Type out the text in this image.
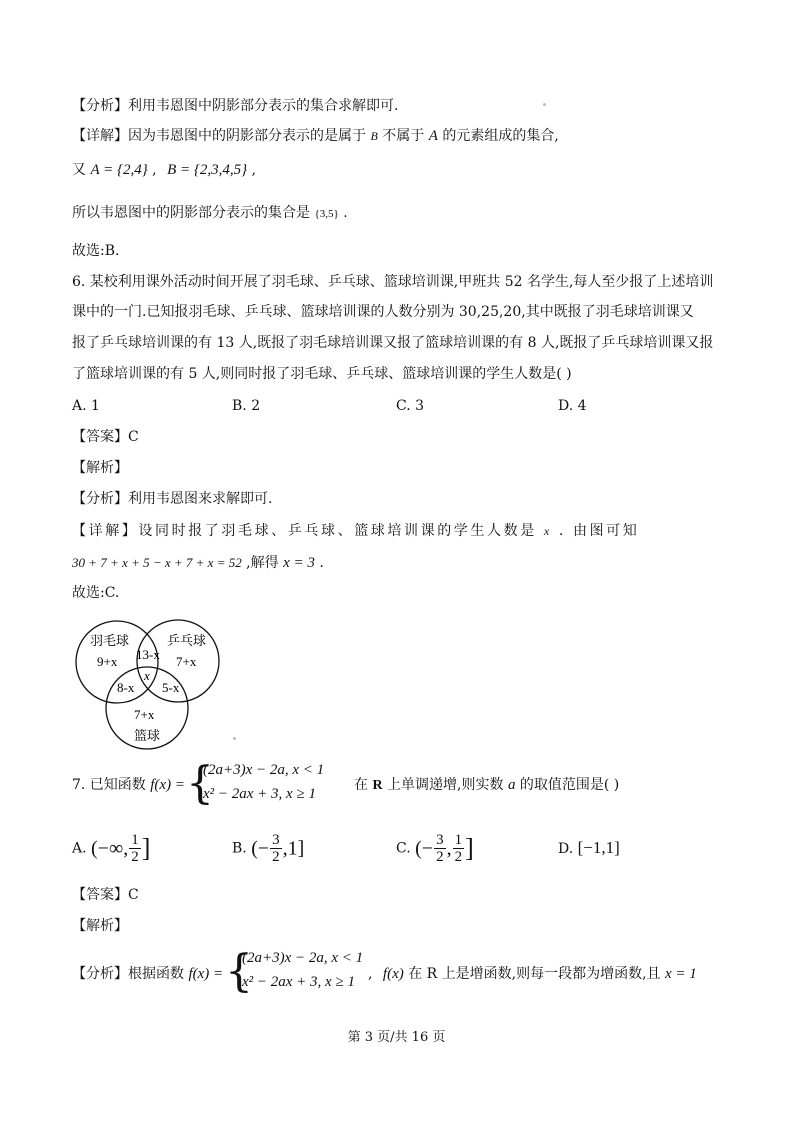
【分析】利用韦恩图中阴影部分表示的集合求解即可.
【详解】因为韦恩图中的阴影部分表示的是属于 B 不属于 A 的元素组成的集合,
又 A = {2,4} , B = {2,3,4,5} ,
所以韦恩图中的阴影部分表示的集合是 {3,5} .
故选:B.
6. 某校利用课外活动时间开展了羽毛球、乒乓球、篮球培训课,甲班共 52 名学生,每人至少报了上述培训
课中的一门.已知报羽毛球、乒乓球、篮球培训课的人数分别为 30,25,20,其中既报了羽毛球培训课又
报了乒乓球培训课的有 13 人,既报了羽毛球培训课又报了篮球培训课的有 8 人,既报了乒乓球培训课又报
了篮球培训课的有 5 人,则同时报了羽毛球、乒乓球、篮球培训课的学生人数是( )
A. 1	B. 2	C. 3	D. 4
【答案】C
【解析】
【分析】利用韦恩图来求解即可.
【详解】设同时报了羽毛球、乒乓球、篮球培训课的学生人数是 x . 由图可知
30 + 7 + x + 5 − x + 7 + x = 52 ,解得 x = 3 .
故选:C.
羽毛球
9+x
乒乓球
7+x
13-x
x
8-x 5-x
7+x
篮球
7. 已知函数 f(x) = {
(2a+3)x − 2a, x < 1
x² − 2ax + 3, x ≥ 1
在 R 上单调递增,则实数 a 的取值范围是( )
A. (−∞, $\frac{1}{2}$ ]	B. (− $\frac{3}{2} ,1$]	C. (− $\frac{3}{2}$ , $\frac{1}{2}$ ]	D. [−1,1]
【答案】C
【解析】
【分析】根据函数 f(x) = {
(2a+3)x − 2a, x < 1
x² − 2ax + 3, x ≥ 1 , f(x) 在 R 上是增函数,则每一段都为增函数,且 x = 1
第 3 页/共 16 页
